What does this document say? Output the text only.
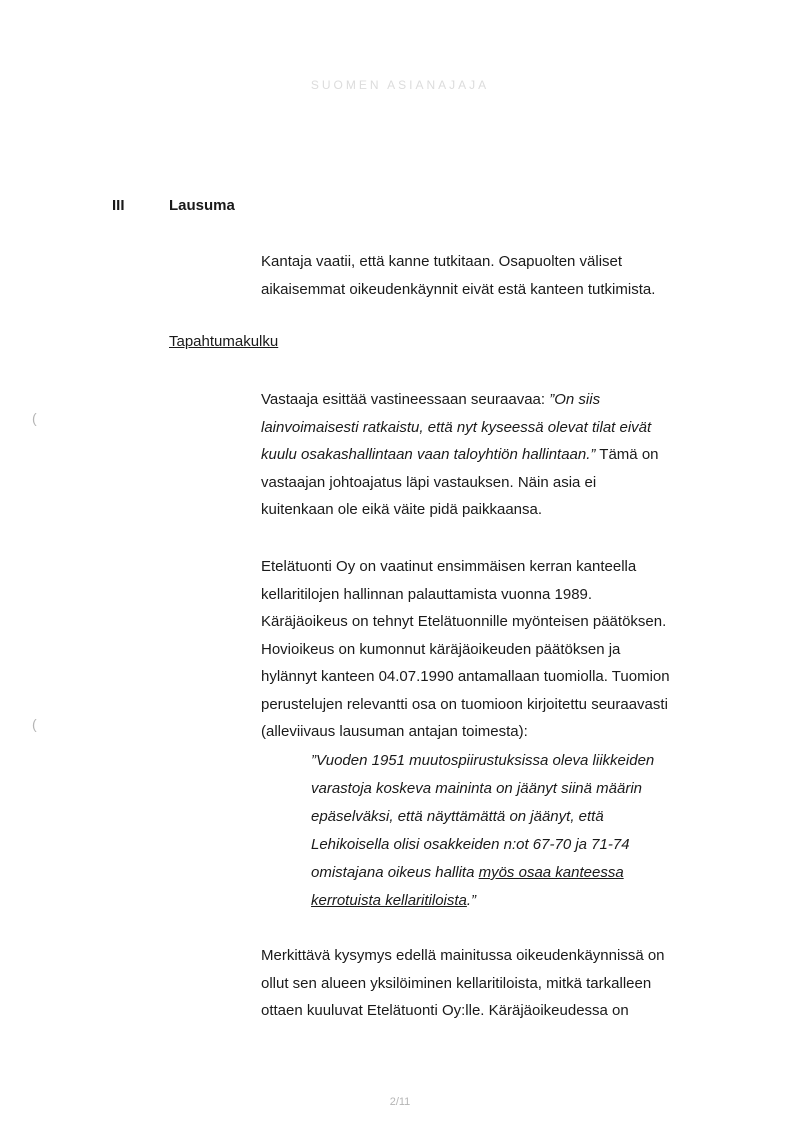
SUOMEN ASIANAJAJA
(
(
III	Lausuma
Kantaja vaatii, että kanne tutkitaan. Osapuolten väliset
aikaisemmat oikeudenkäynnit eivät estä kanteen tutkimista.
Tapahtumakulku
Vastaaja esittää vastineessaan seuraavaa: ”On siis
lainvoimaisesti ratkaistu, että nyt kyseessä olevat tilat eivät
kuulu osakashallintaan vaan taloyhtiön hallintaan.” Tämä on
vastaajan johtoajatus läpi vastauksen. Näin asia ei
kuitenkaan ole eikä väite pidä paikkaansa.
Etelätuonti Oy on vaatinut ensimmäisen kerran kanteella
kellaritilojen hallinnan palauttamista vuonna 1989.
Käräjäoikeus on tehnyt Etelätuonnille myönteisen päätöksen.
Hovioikeus on kumonnut käräjäoikeuden päätöksen ja
hylännyt kanteen 04.07.1990 antamallaan tuomiolla. Tuomion
perustelujen relevantti osa on tuomioon kirjoitettu seuraavasti
(alleviivaus lausuman antajan toimesta):
”Vuoden 1951 muutospiirustuksissa oleva liikkeiden
varastoja koskeva maininta on jäänyt siinä määrin
epäselväksi, että näyttämättä on jäänyt, että
Lehikoisella olisi osakkeiden n:ot 67-70 ja 71-74
omistajana oikeus hallita myös osaa kanteessa
kerrotuista kellaritiloista.”
Merkittävä kysymys edellä mainitussa oikeudenkäynnissä on
ollut sen alueen yksilöiminen kellaritiloista, mitkä tarkalleen
ottaen kuuluvat Etelätuonti Oy:lle. Käräjäoikeudessa on
2/11
